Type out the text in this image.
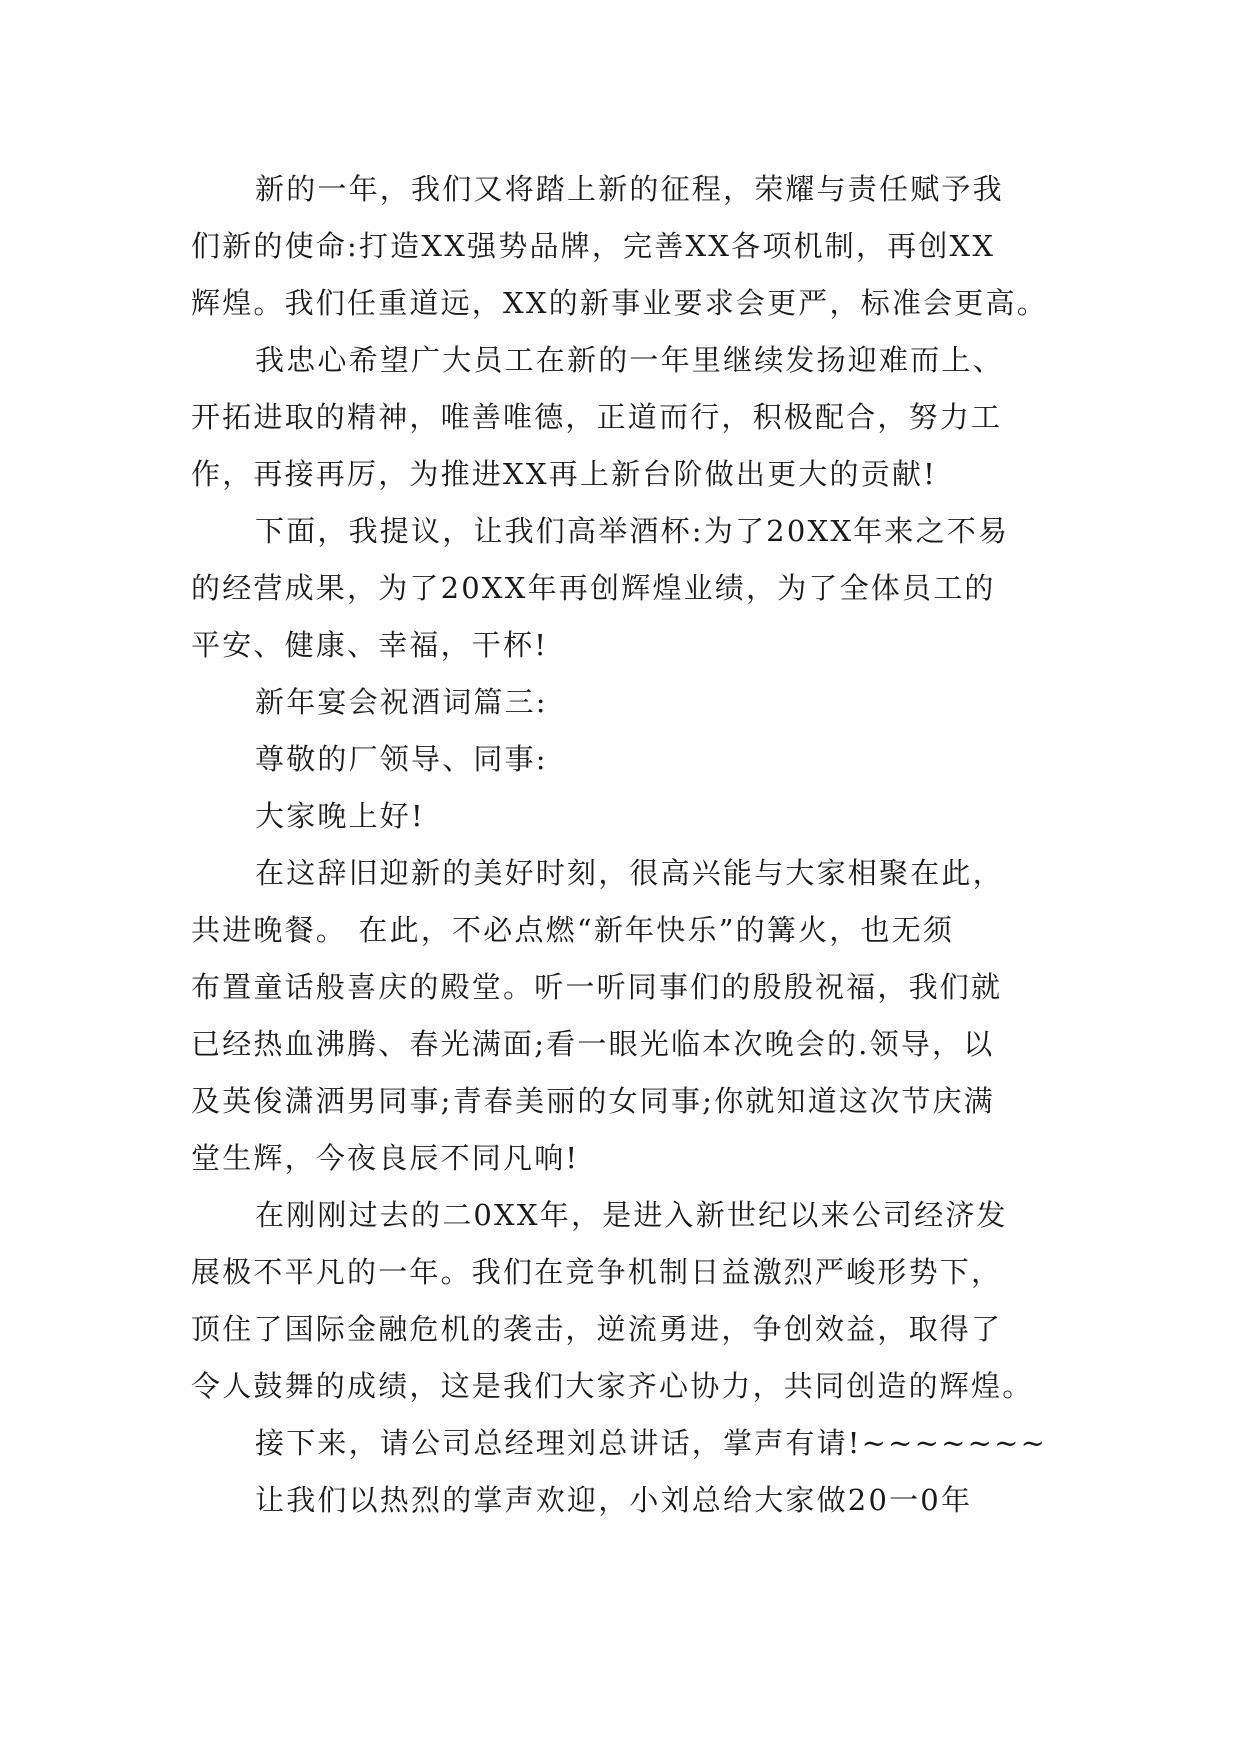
新的一年，我们又将踏上新的征程，荣耀与责任赋予我
们新的使命:打造XX强势品牌，完善XX各项机制，再创XX
辉煌。我们任重道远，XX的新事业要求会更严，标准会更高。
我忠心希望广大员工在新的一年里继续发扬迎难而上、
开拓进取的精神，唯善唯德，正道而行，积极配合，努力工
作，再接再厉，为推进XX再上新台阶做出更大的贡献!
下面，我提议，让我们高举酒杯:为了20XX年来之不易
的经营成果，为了20XX年再创辉煌业绩，为了全体员工的
平安、健康、幸福，干杯!
新年宴会祝酒词篇三:
尊敬的厂领导、同事:
大家晚上好!
在这辞旧迎新的美好时刻，很高兴能与大家相聚在此，
共进晚餐。 在此，不必点燃“新年快乐”的篝火，也无须
布置童话般喜庆的殿堂。听一听同事们的殷殷祝福，我们就
已经热血沸腾、春光满面;看一眼光临本次晚会的.领导，以
及英俊潇洒男同事;青春美丽的女同事;你就知道这次节庆满
堂生辉，今夜良辰不同凡响!
在刚刚过去的二0XX年，是进入新世纪以来公司经济发
展极不平凡的一年。我们在竞争机制日益激烈严峻形势下，
顶住了国际金融危机的袭击，逆流勇进，争创效益，取得了
令人鼓舞的成绩，这是我们大家齐心协力，共同创造的辉煌。
接下来，请公司总经理刘总讲话，掌声有请!~~~~~~~
让我们以热烈的掌声欢迎，小刘总给大家做20一0年
